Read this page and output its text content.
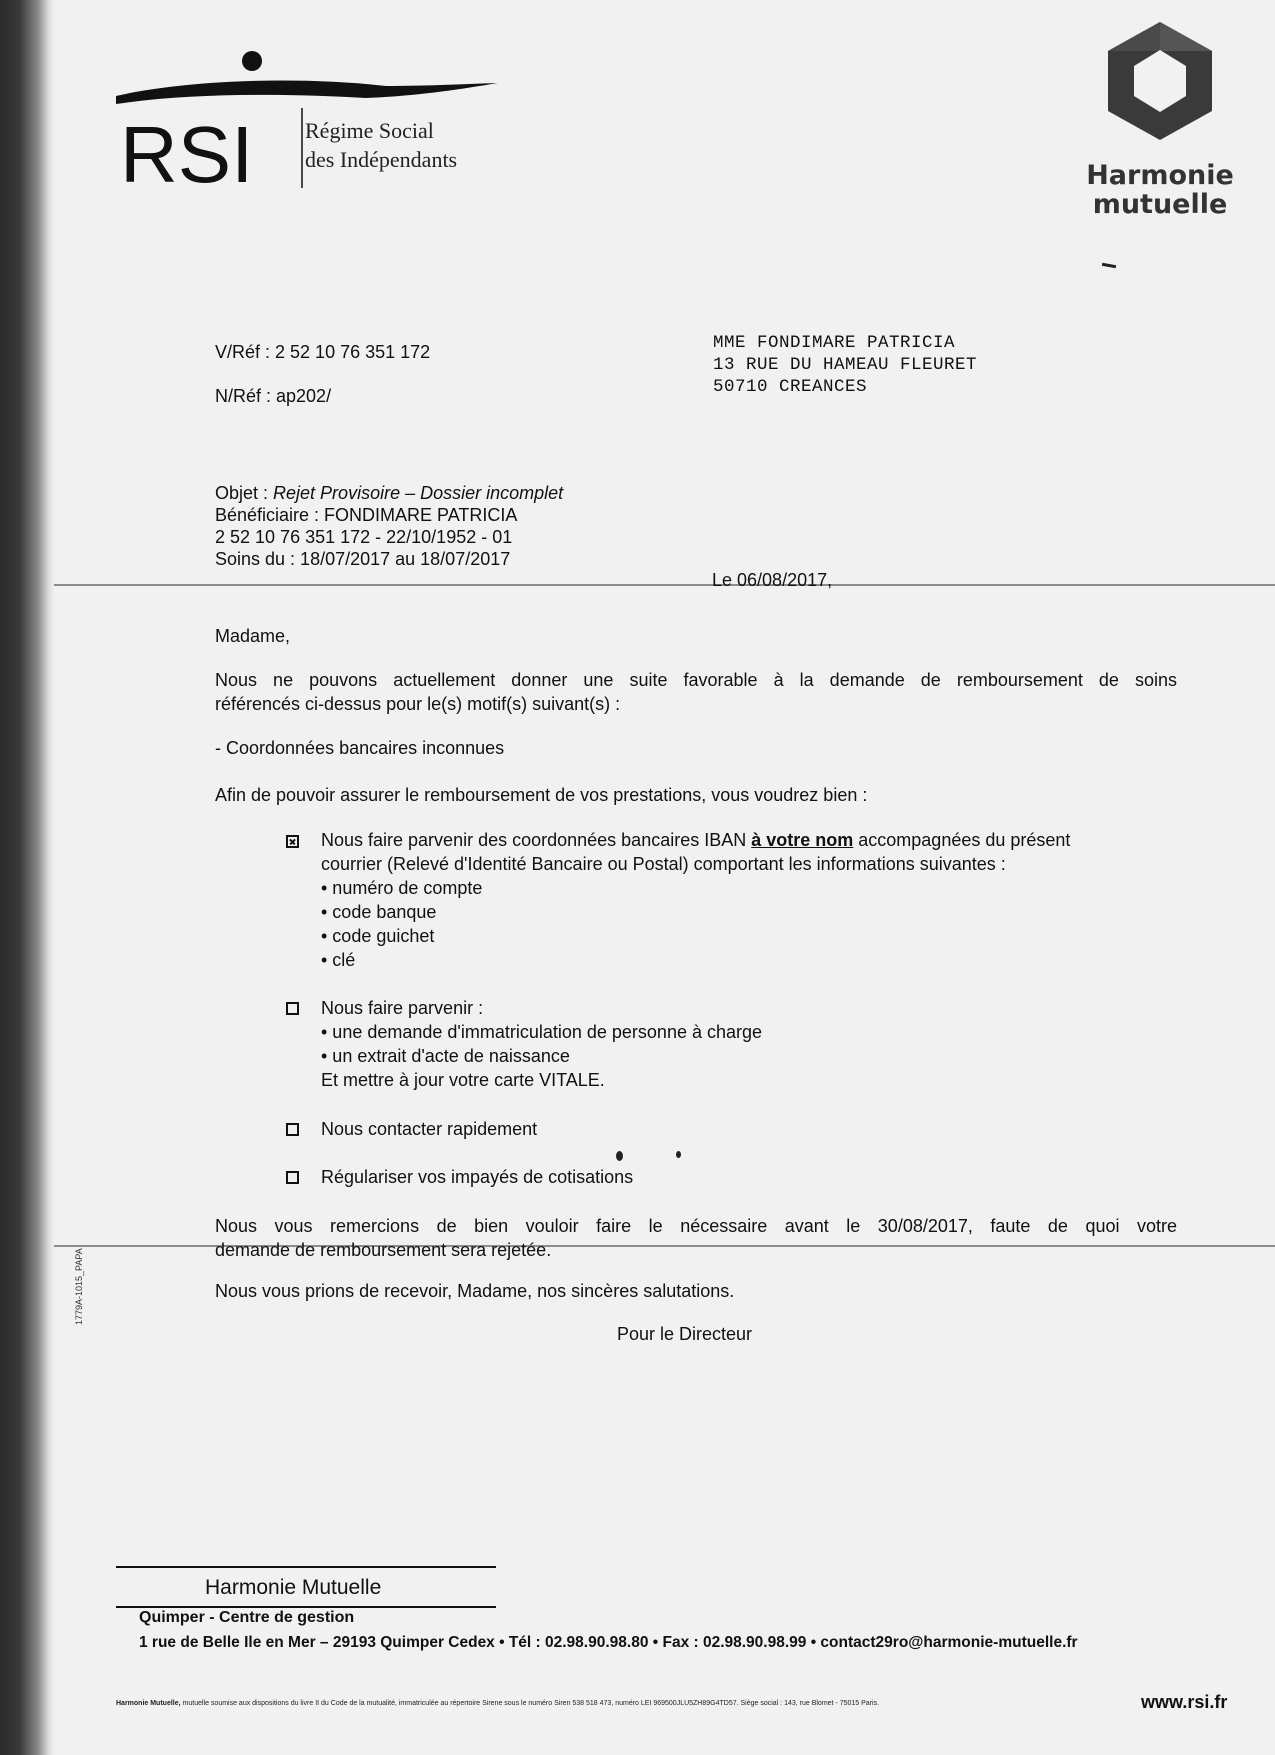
RSI Régime Social
des Indépendants
Harmonie
mutuelle
V/Réf : 2 52 10 76 351 172
N/Réf : ap202/
MME FONDIMARE PATRICIA
13 RUE DU HAMEAU FLEURET
50710 CREANCES
Objet : Rejet Provisoire – Dossier incomplet
Bénéficiaire : FONDIMARE PATRICIA
2 52 10 76 351 172 - 22/10/1952 - 01
Soins du : 18/07/2017 au 18/07/2017
Le 06/08/2017,
Madame,
Nous ne pouvons actuellement donner une suite favorable à la demande de remboursement de soins
référencés ci-dessus pour le(s) motif(s) suivant(s) :
- Coordonnées bancaires inconnues
Afin de pouvoir assurer le remboursement de vos prestations, vous voudrez bien :
Nous faire parvenir des coordonnées bancaires IBAN à votre nom accompagnées du présent
courrier (Relevé d'Identité Bancaire ou Postal) comportant les informations suivantes :
• numéro de compte
• code banque
• code guichet
• clé
Nous faire parvenir :
• une demande d'immatriculation de personne à charge
• un extrait d'acte de naissance
Et mettre à jour votre carte VITALE.
Nous contacter rapidement
Régulariser vos impayés de cotisations
Nous vous remercions de bien vouloir faire le nécessaire avant le 30/08/2017, faute de quoi votre
demande de remboursement sera rejetée.
Nous vous prions de recevoir, Madame, nos sincères salutations.
Pour le Directeur
Harmonie Mutuelle
Quimper - Centre de gestion
1 rue de Belle Ile en Mer – 29193 Quimper Cedex • Tél : 02.98.90.98.80 • Fax : 02.98.90.98.99 • contact29ro@harmonie-mutuelle.fr
Harmonie Mutuelle, mutuelle soumise aux dispositions du livre II du Code de la mutualité, immatriculée au répertoire Sirene sous le numéro Siren 538 518 473, numéro LEI 969500JLU5ZH89G4TD57. Siège social : 143, rue Blomet - 75015 Paris.	www.rsi.fr
1779A-1015_PAPA
